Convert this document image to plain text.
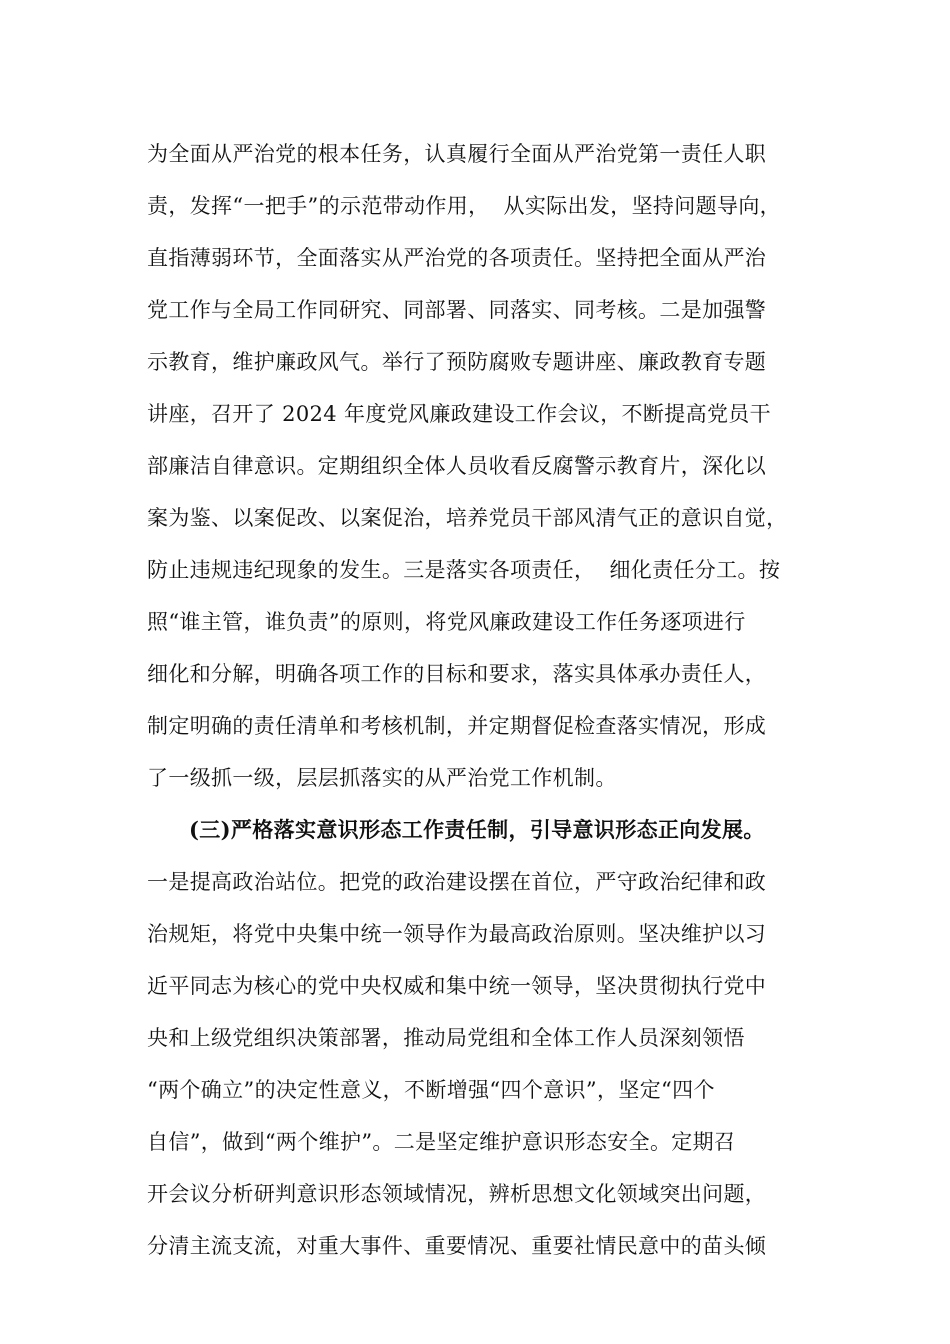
为全面从严治党的根本任务，认真履行全面从严治党第一责任人职
责，发挥“一把手”的示范带动作用，  从实际出发，坚持问题导向，
直指薄弱环节，全面落实从严治党的各项责任。坚持把全面从严治
党工作与全局工作同研究、同部署、同落实、同考核。二是加强警
示教育，维护廉政风气。举行了预防腐败专题讲座、廉政教育专题
讲座，召开了 2024 年度党风廉政建设工作会议，不断提高党员干
部廉洁自律意识。定期组织全体人员收看反腐警示教育片，深化以
案为鉴、以案促改、以案促治，培养党员干部风清气正的意识自觉，
防止违规违纪现象的发生。三是落实各项责任，  细化责任分工。按
照“谁主管，谁负责”的原则，将党风廉政建设工作任务逐项进行
细化和分解，明确各项工作的目标和要求，落实具体承办责任人，
制定明确的责任清单和考核机制，并定期督促检查落实情况，形成
了一级抓一级，层层抓落实的从严治党工作机制。
(三)严格落实意识形态工作责任制，引导意识形态正向发展。
一是提高政治站位。把党的政治建设摆在首位，严守政治纪律和政
治规矩，将党中央集中统一领导作为最高政治原则。坚决维护以习
近平同志为核心的党中央权威和集中统一领导，坚决贯彻执行党中
央和上级党组织决策部署，推动局党组和全体工作人员深刻领悟
“两个确立”的决定性意义，不断增强“四个意识”，坚定“四个
自信”，做到“两个维护”。二是坚定维护意识形态安全。定期召
开会议分析研判意识形态领域情况，辨析思想文化领域突出问题，
分清主流支流，对重大事件、重要情况、重要社情民意中的苗头倾
